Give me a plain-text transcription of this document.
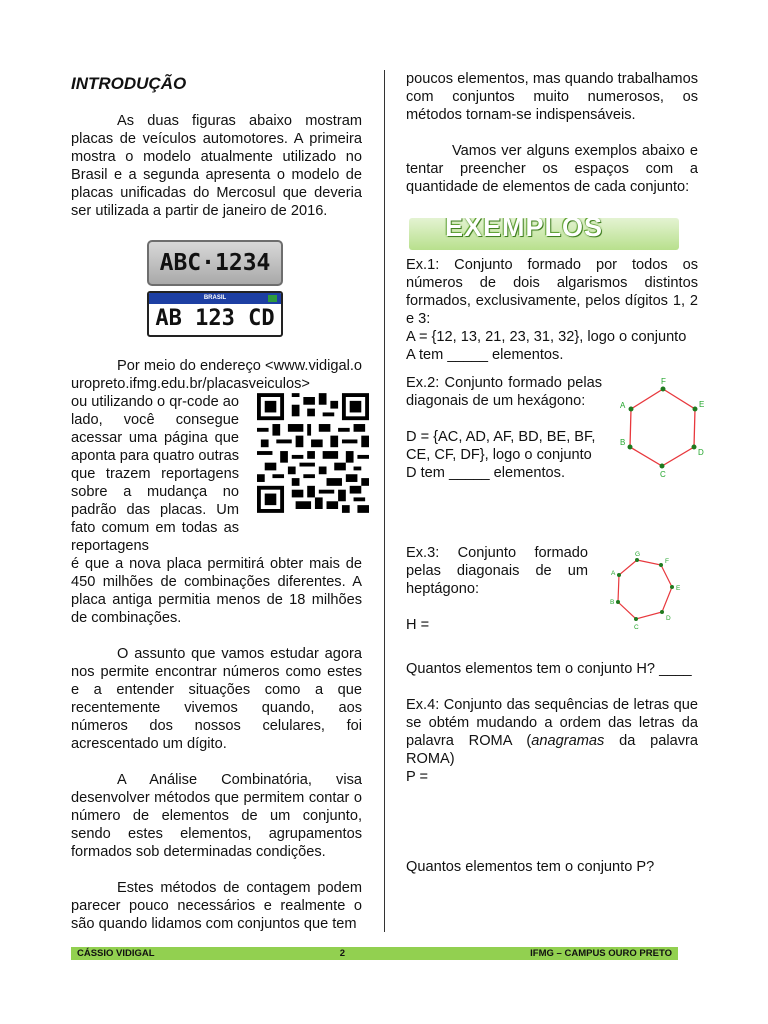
INTRODUÇÃO

As duas figuras abaixo mostram placas de veículos automotores. A primeira mostra o modelo atualmente utilizado no Brasil e a segunda apresenta o modelo de placas unificadas do Mercosul que deveria ser utilizada a partir de janeiro de 2016.

ABC·1234
BRASIL
AB 123 CD

Por meio do endereço <www.vidigal.ouropreto.ifmg.edu.br/placasveiculos>

ou utilizando o qr-code ao lado, você consegue acessar uma página que aponta para quatro outras que trazem reportagens sobre a mudança no padrão das placas. Um fato comum em todas as reportagens

é que a nova placa permitirá obter mais de 450 milhões de combinações diferentes. A placa antiga permitia menos de 18 milhões de combinações.

O assunto que vamos estudar agora nos permite encontrar números como estes e a entender situações como a que recentemente vivemos quando, aos números dos nossos celulares, foi acrescentado um dígito.

A Análise Combinatória, visa desenvolver métodos que permitem contar o número de elementos de um conjunto, sendo estes elementos, agrupamentos formados sob determinadas condições.

Estes métodos de contagem podem parecer pouco necessários e realmente o são quando lidamos com conjuntos que tem

poucos elementos, mas quando trabalhamos com conjuntos muito numerosos, os métodos tornam-se indispensáveis.

Vamos ver alguns exemplos abaixo e tentar preencher os espaços com a quantidade de elementos de cada conjunto:

EXEMPLOS

Ex.1: Conjunto formado por todos os números de dois algarismos distintos formados, exclusivamente, pelos dígitos 1, 2 e 3:

A = {12, 13, 21, 23, 31, 32}, logo o conjunto A tem _____ elementos.

Ex.2: Conjunto formado pelas diagonais de um hexágono:

D = {AC, AD, AF, BD, BE, BF, CE, CF, DF}, logo o conjunto D tem _____ elementos.

F
E
D
C
B
A

Ex.3: Conjunto formado pelas diagonais de um heptágono:

H =

G
F
E
D
C
B
A

Quantos elementos tem o conjunto H? ____

Ex.4: Conjunto das sequências de letras que se obtém mudando a ordem das letras da palavra ROMA (anagramas da palavra ROMA)

P =

Quantos elementos tem o conjunto P?

CÁSSIO VIDIGAL	2	IFMG – CAMPUS OURO PRETO
